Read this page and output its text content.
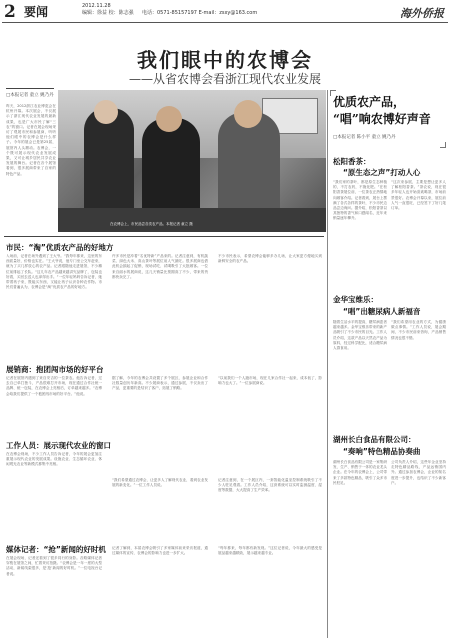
2 要闻	2012.11.28
编辑：徐益 校：陈志强 电话：0571-85157197 E-mail：zsxy@163.com	海外侨报
我们眼中的农博会
——从省农博会看浙江现代农业发展
□本报记者 童立 姚乃丹
昨天，2012浙江农业博览会在杭州开幕。本次展会，不仅展示了浙江现代农业发展的最新成果，也是广大市民了解“三农”的窗口。记者在展会现场采访了观展市民和参展商，听听他们眼中的农博会是什么样子。今年的展会已是第25届，展馆内人头攒动。农博会，一个既可展示现代农业发展成果，又可让城乡居民共享农业发展的舞台。记者在各个展馆看到，很多展商带来了自家的特色产品。
在农博会上，市民品尝各类农产品。本报记者 童立 摄
优质农产品，
“唱”响农博好声音
□本报记者 陈小平 童立 姚乃丹
市民：“淘”优质农产品的好地方
入场前，记者在场外遇到了王大爷。“我每年都来，这里的东西质量好，价格也实在。”王大爷说，他专门坐公交车赶来，就为了买几样放心的农产品。记者跟随他走进展馆，不少摊位前排起了长队。“这几年农产品越来越讲究品牌了，包装也好看，买回去送人也拿得出手。”一位年轻妈妈告诉记者，她带着孩子来，既能买东西，又能让孩子认识各种农作物。市民们普遍认为，农博会是“淘”优质农产品的好地方。
许多市民是冲着“名优特新”产品来的。记者注意到，有机蔬菜、绿色大米、高山茶叶等展位前人气最旺。很多展商也借此机会搞起了促销，现场试吃、试喝吸引了大批顾客。一位来自丽水的展商说，这几天销量比预期高了不少，带来的货都快卖完了。
不少市民表示，希望农博会能够多办几场，让大家更方便地买到新鲜安全的农产品。
展销商：抱团闯市场的好平台
记者在展馆内遇到了来自安吉的一位茶农。他告诉记者，过去自己单打独斗，产品很难打开市场，现在通过合作社统一品牌、统一包装，在农博会上亮相后，订单越来越多。“农博会给我们提供了一个抱团闯市场的好平台。”他说。
据了解，今年的农博会共设置了多个展区，参展企业和合作社数量创历年新高。不少展商表示，通过参展，不仅卖出了产品，更重要的是结识了客户，拓展了销路。
“以前我们一个人跑市场，现在几家合作社一起来，成本低了，影响力也大了。”一位参展商说。
工作人员：展示现代农业的窗口
在农博会现场，不少工作人员告诉记者，今年的展会更加注重展示现代农业的发展成果。设施农业、生态循环农业、休闲观光农业等新模式都集中亮相。
“我们希望通过农博会，让更多人了解现代农业，看到农业发展的新变化。”一位工作人员说。
记者注意到，在一个展区内，一套智能化温室控制系统吸引了不少人驻足观看。工作人员介绍，这套系统可以实时监测温度、湿度等数据，大大提高了生产效率。
媒体记者：“抢”新闻的好时机
在展会现场，记者还看到了很多同行的身影。各路媒体记者穿梭在展馆之间，忙着采访拍摄。“农博会是一年一度的大型活动，新闻线索很多，是‘抢’新闻的好时机。”一位电视台记者说。
记者了解到，本届农博会吸引了多家媒体前来采访报道，通过媒体的宣传，农博会的影响力也进一步扩大。
“每年都来，每年都有新发现。”这位记者说，今年最大的感受是展品越来越精致，展示越来越专业。
松阳香茶：
“原生态之声”打动人心
“我们家的茶叶，都是原生态种植的，不打农药，不施化肥。”在松阳香茶展位前，一位茶农正热情地向顾客介绍。记者看到，展台上摆满了各式各样的茶叶，不少市民边品尝边询问。据介绍，松阳香茶以其独特的香气和口感闻名，近年来销量逐年攀升。
“这次来参展，主要是想让更多人了解松阳香茶。”茶农说，现在很多年轻人也开始喜欢喝茶，市场前景很好。农博会开幕以来，展位前人气一直很旺，已经签下了好几笔订单。
金华宝维乐：
“唱”出糖尿病人新福音
随着生活水平的提高，糖尿病患者越来越多。金华宝维乐带来的新产品吸引了不少市民的目光。工作人员介绍，这款产品以天然农产品为原料，经过科学配比，适合糖尿病人群食用。
“我们希望用农业的方式，为健康做点事情。”工作人员说，展会期间，不少市民前来咨询，产品销售情况也很不错。
湖州长白食品有限公司：
“奏响”特色精品协奏曲
湖州长白食品有限公司是一家集研发、生产、销售于一体的农业龙头企业。在今年的农博会上，公司带来了多款特色精品，吸引了众多市民驻足。
公司负责人介绍，这些年企业坚持走特色精品路线，产品远销国内外。通过参加农博会，企业的知名度进一步提升，也结识了不少新客户。
